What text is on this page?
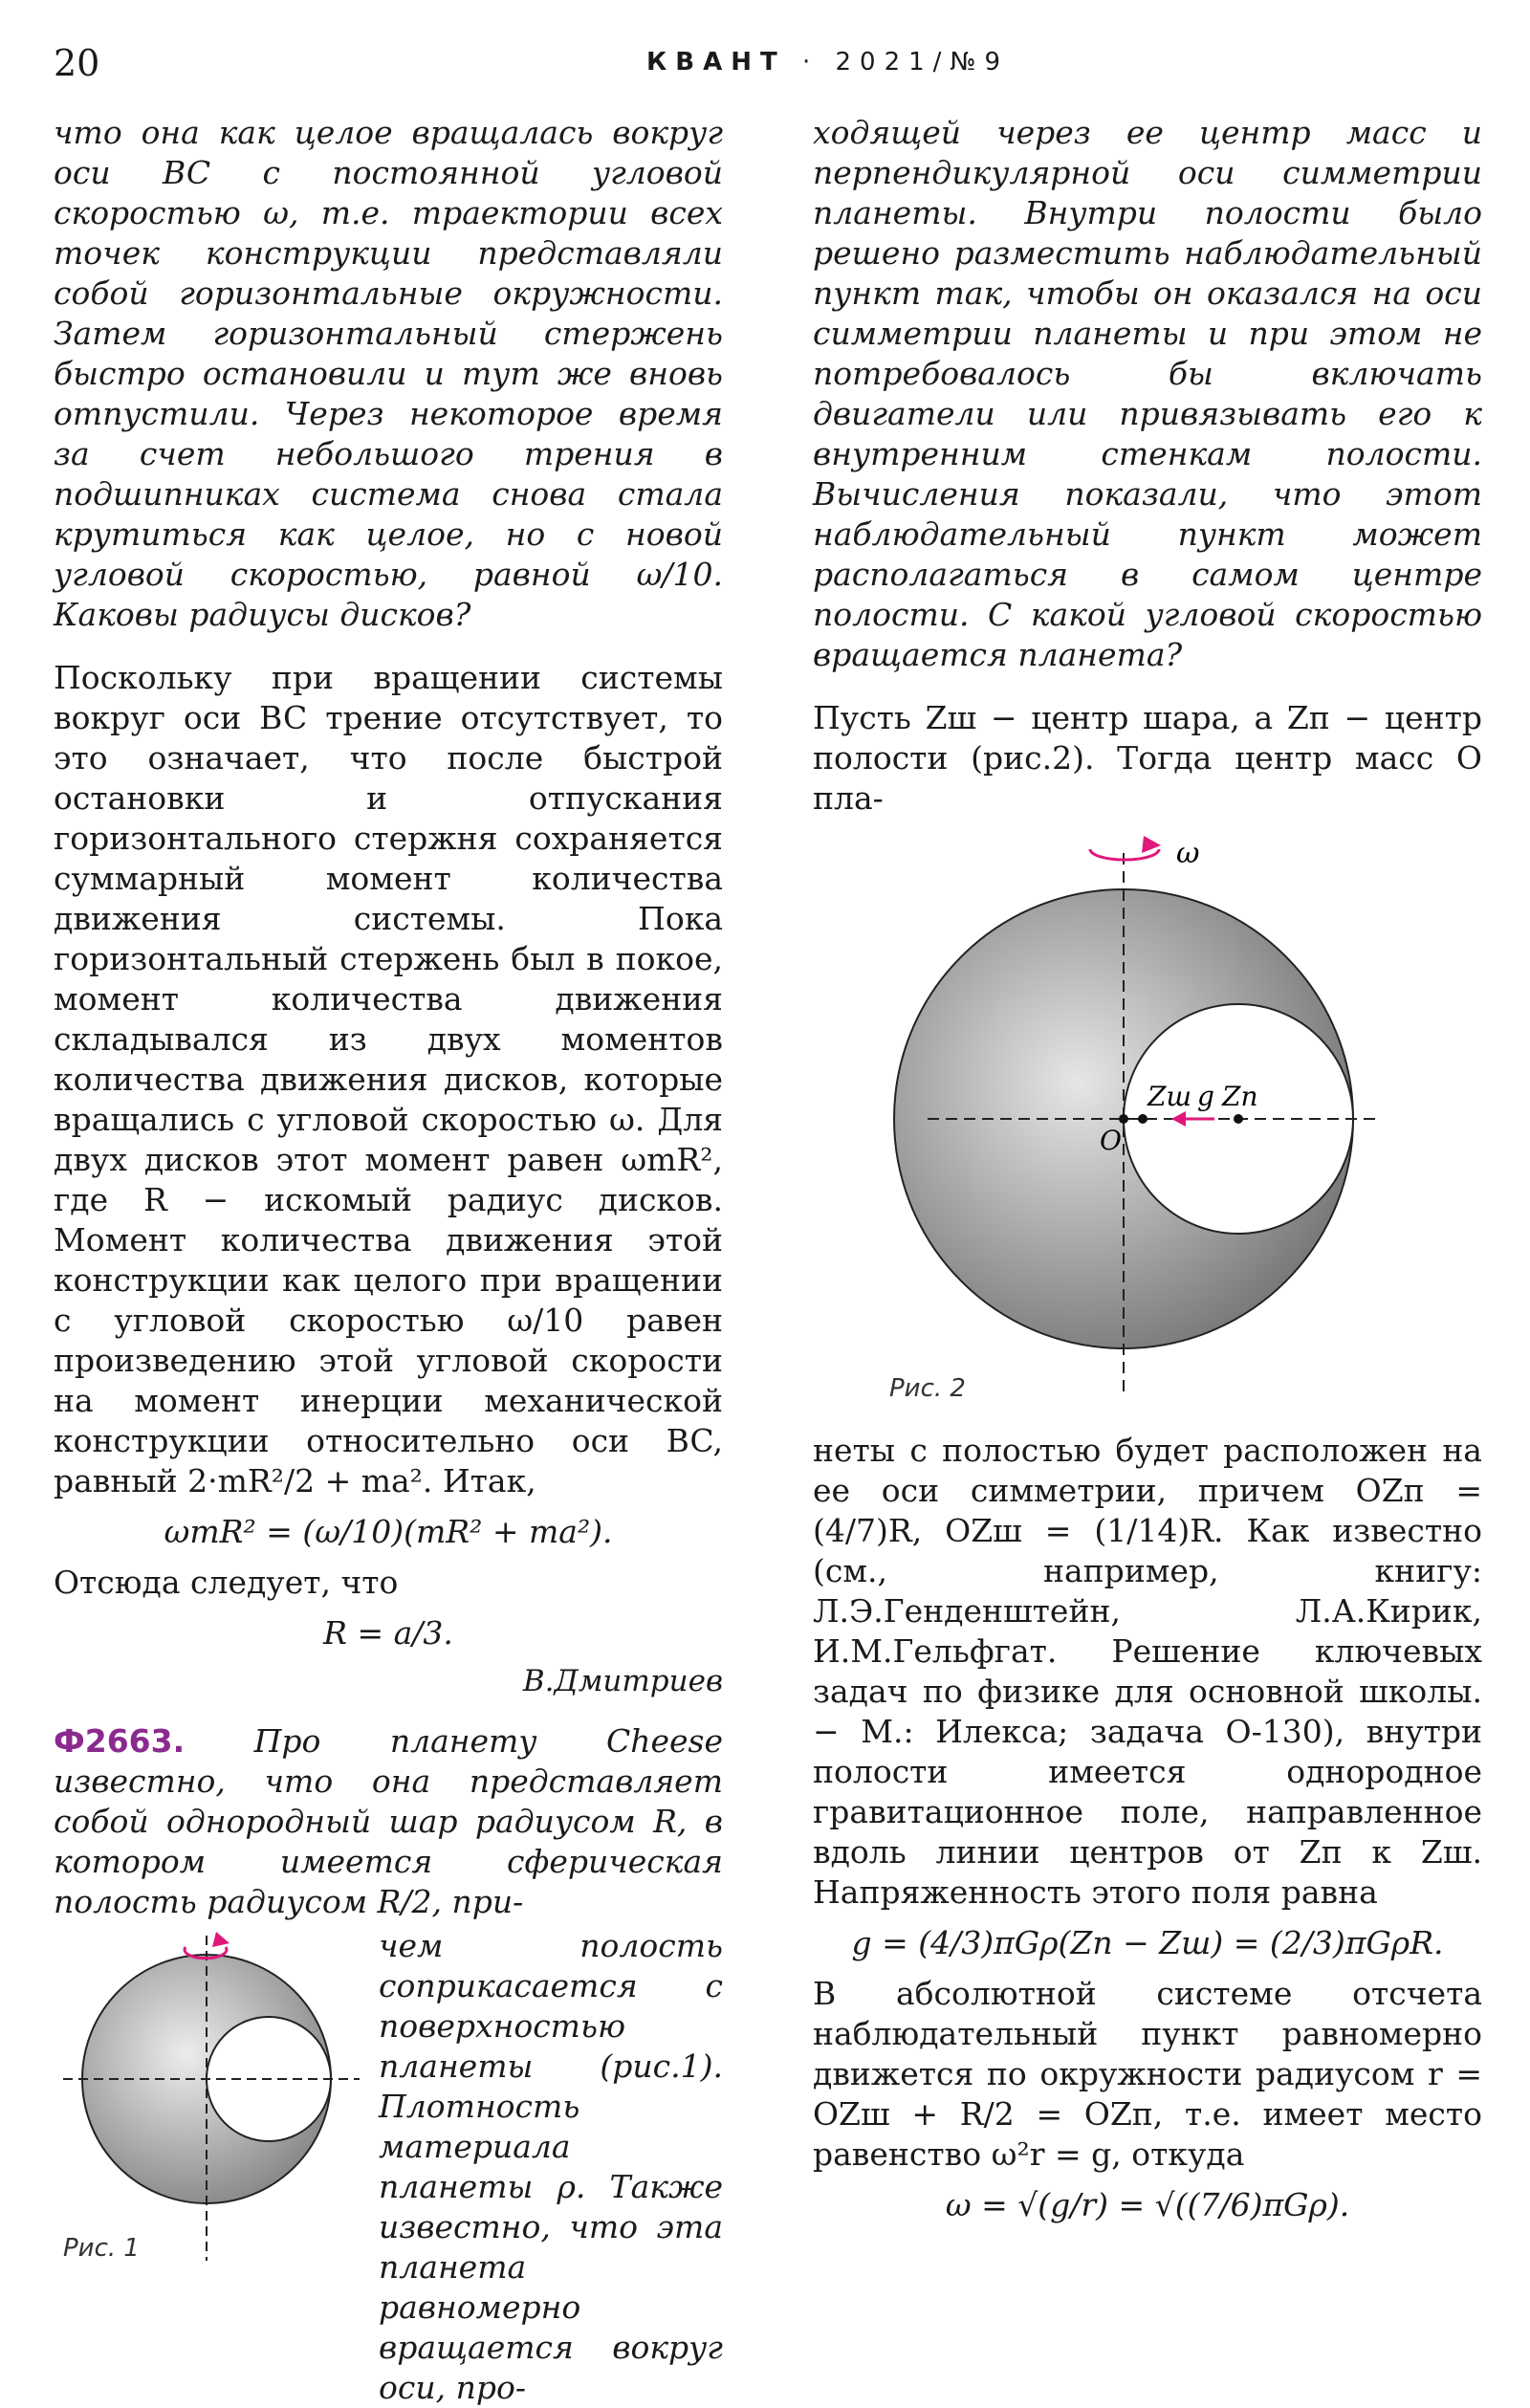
20	КВАНТ · 2021/№9

что она как целое вращалась вокруг оси BC с постоянной угловой скоростью ω, т.е. траектории всех точек конструкции представляли собой горизонтальные окружности. Затем горизонтальный стержень быстро остановили и тут же вновь отпустили. Через некоторое время за счет небольшого трения в подшипниках система снова стала крутиться как целое, но с новой угловой скоростью, равной ω/10. Каковы радиусы дисков?

Поскольку при вращении системы вокруг оси BC трение отсутствует, то это означает, что после быстрой остановки и отпускания горизонтального стержня сохраняется суммарный момент количества движения системы. Пока горизонтальный стержень был в покое, момент количества движения складывался из двух моментов количества движения дисков, которые вращались с угловой скоростью ω. Для двух дисков этот момент равен ωmR², где R − искомый радиус дисков. Момент количества движения этой конструкции как целого при вращении с угловой скоростью ω/10 равен произведению этой угловой скорости на момент инерции механической конструкции относительно оси BC, равный 2·mR²/2 + ma². Итак,

ωmR² = (ω/10)(mR² + ma²).

Отсюда следует, что

R = a/3.

В.Дмитриев

Ф2663. Про планету Cheese известно, что она представляет собой однородный шар радиусом R, в котором имеется сферическая полость радиусом R/2, при-

Рис. 1

чем полость соприкасается с поверхностью планеты (рис.1). Плотность материала планеты ρ. Также известно, что эта планета равномерно вращается вокруг оси, про-

ходящей через ее центр масс и перпендикулярной оси симметрии планеты. Внутри полости было решено разместить наблюдательный пункт так, чтобы он оказался на оси симметрии планеты и при этом не потребовалось бы включать двигатели или привязывать его к внутренним стенкам полости. Вычисления показали, что этот наблюдательный пункт может располагаться в самом центре полости. С какой угловой скоростью вращается планета?

Пусть Zш − центр шара, а Zп − центр полости (рис.2). Тогда центр масс O пла-

ω
Zш g Zп
O
Рис. 2

неты с полостью будет расположен на ее оси симметрии, причем OZп = (4/7)R, OZш = (1/14)R. Как известно (см., например, книгу: Л.Э.Генденштейн, Л.А.Кирик, И.М.Гельфгат. Решение ключевых задач по физике для основной школы. − М.: Илекса; задача О-130), внутри полости имеется однородное гравитационное поле, направленное вдоль линии центров от Zп к Zш. Напряженность этого поля равна

g = (4/3)πGρ(Zп − Zш) = (2/3)πGρR.

В абсолютной системе отсчета наблюдательный пункт равномерно движется по окружности радиусом r = OZш + R/2 = OZп, т.е. имеет место равенство ω²r = g, откуда

ω = √(g/r) = √((7/6)πGρ).
